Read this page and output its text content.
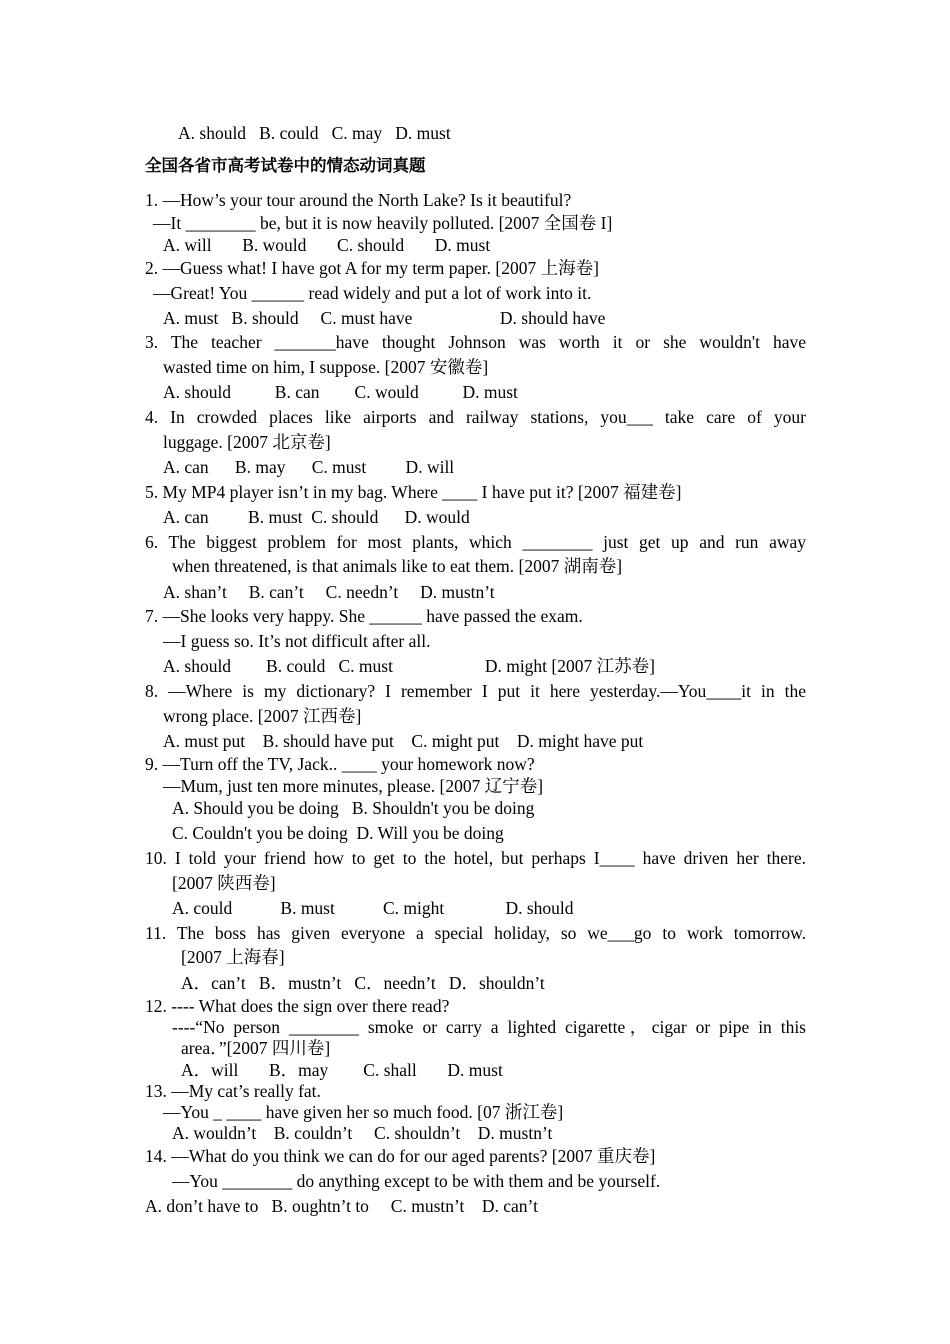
A. should   B. could   C. may   D. must
全国各省市高考试卷中的情态动词真题
1. —How’s your tour around the North Lake? Is it beautiful?
—It ________ be, but it is now heavily polluted. [2007 全国卷 I]
A. will       B. would       C. should       D. must
2. —Guess what! I have got A for my term paper. [2007 上海卷]
—Great! You ______ read widely and put a lot of work into it.
A. must   B. should     C. must have                    D. should have
3. The teacher _______have thought Johnson was worth it or she wouldn't have
wasted time on him, I suppose. [2007 安徽卷]
A. should          B. can        C. would          D. must
4. In crowded places like airports and railway stations, you___ take care of your
luggage. [2007 北京卷]
A. can      B. may      C. must         D. will
5. My MP4 player isn’t in my bag. Where ____ I have put it? [2007 福建卷]
A. can         B. must  C. should      D. would
6. The biggest problem for most plants, which ________ just get up and run away
when threatened, is that animals like to eat them. [2007 湖南卷]
A. shan’t     B. can’t     C. needn’t     D. mustn’t
7. —She looks very happy. She ______ have passed the exam.
—I guess so. It’s not difficult after all.
A. should        B. could   C. must                     D. might [2007 江苏卷]
8. —Where is my dictionary? I remember I put it here yesterday.—You____it in the
wrong place. [2007 江西卷]
A. must put    B. should have put    C. might put    D. might have put
9. —Turn off the TV, Jack.. ____ your homework now?
—Mum, just ten more minutes, please. [2007 辽宁卷]
A. Should you be doing   B. Shouldn't you be doing
C. Couldn't you be doing  D. Will you be doing
10. I told your friend how to get to the hotel, but perhaps I____ have driven her there.
[2007 陕西卷]
A. could           B. must           C. might              D. should
11. The boss has given everyone a special holiday, so we___go to work tomorrow.
[2007 上海春]
A．can’t   B．mustn’t   C．needn’t   D．shouldn’t
12. ---- What does the sign over there read?
----“No person ________ smoke or carry a lighted cigarette，cigar or pipe in this
area．”[2007 四川卷]
A．will       B．may        C. shall       D. must
13. —My cat’s really fat.
—You _ ____ have given her so much food. [07 浙江卷]
A. wouldn’t    B. couldn’t     C. shouldn’t    D. mustn’t
14. —What do you think we can do for our aged parents? [2007 重庆卷]
—You ________ do anything except to be with them and be yourself.
A. don’t have to   B. oughtn’t to     C. mustn’t    D. can’t
